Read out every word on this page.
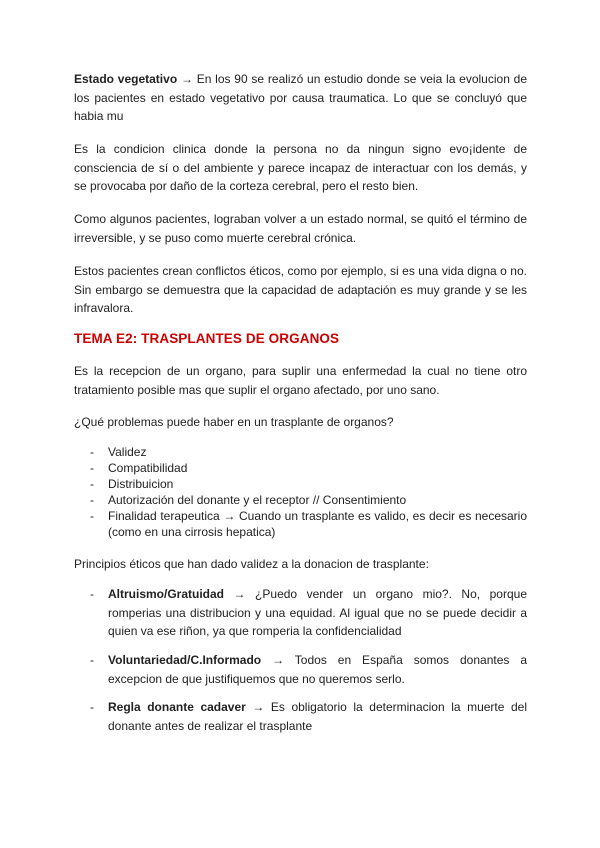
Estado vegetativo → En los 90 se realizó un estudio donde se veia la evolucion de los pacientes en estado vegetativo por causa traumatica. Lo que se concluyó que habia mu

Es la condicion clinica donde la persona no da ningun signo evo¡idente de consciencia de sí o del ambiente y parece incapaz de interactuar con los demás, y se provocaba por daño de la corteza cerebral, pero el resto bien.

Como algunos pacientes, lograban volver a un estado normal, se quitó el término de irreversible, y se puso como muerte cerebral crónica.

Estos pacientes crean conflictos éticos, como por ejemplo, si es una vida digna o no. Sin embargo se demuestra que la capacidad de adaptación es muy grande y se les infravalora.

TEMA E2: TRASPLANTES DE ORGANOS

Es la recepcion de un organo, para suplir una enfermedad la cual no tiene otro tratamiento posible mas que suplir el organo afectado, por uno sano.

¿Qué problemas puede haber en un trasplante de organos?

- Validez
- Compatibilidad
- Distribuicion
- Autorización del donante y el receptor // Consentimiento
- Finalidad terapeutica → Cuando un trasplante es valido, es decir es necesario (como en una cirrosis hepatica)

Principios éticos que han dado validez a la donacion de trasplante:

- Altruismo/Gratuidad → ¿Puedo vender un organo mio?. No, porque romperias una distribucion y una equidad. Al igual que no se puede decidir a quien va ese riñon, ya que romperia la confidencialidad
- Voluntariedad/C.Informado → Todos en España somos donantes a excepcion de que justifiquemos que no queremos serlo.
- Regla donante cadaver → Es obligatorio la determinacion la muerte del donante antes de realizar el trasplante
